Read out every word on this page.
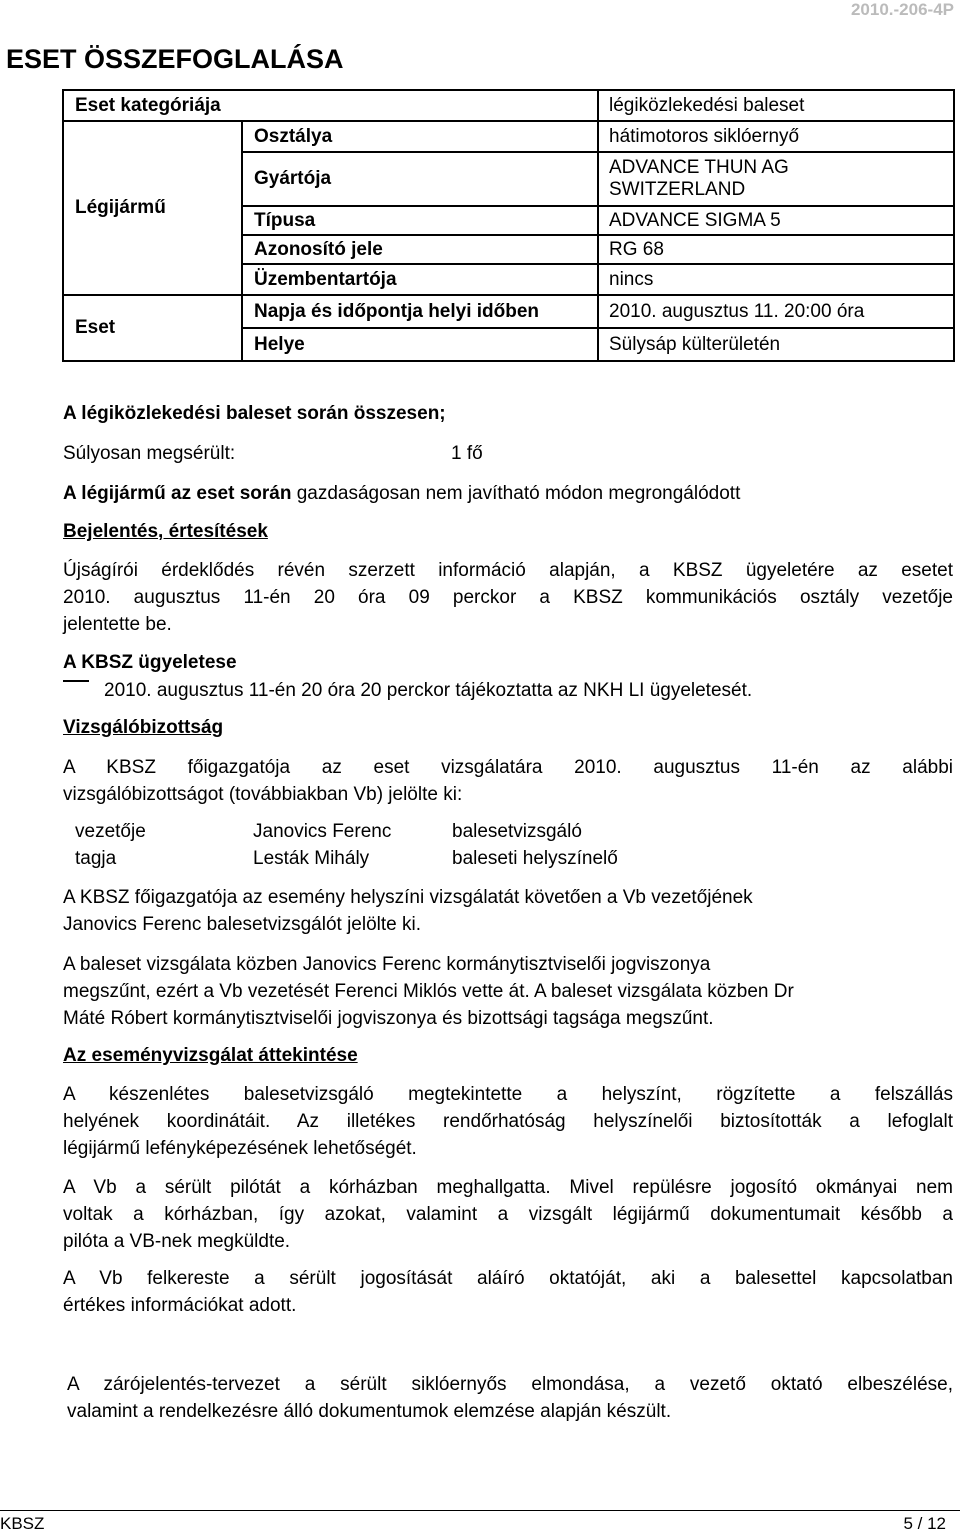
2010.-206-4P
ESET ÖSSZEFOGLALÁSA
Eset kategóriája		légiközlekedési baleset
Légijármű	Osztálya	hátimotoros siklóernyő
	Gyártója	ADVANCE THUN AG
SWITZERLAND

	Típusa	ADVANCE SIGMA 5
	Azonosító jele	RG 68
	Üzembentartója	nincs
Eset	Napja és időpontja helyi időben	2010. augusztus 11. 20:00 óra
	Helye	Sülysáp külterületén
A légiközlekedési baleset során összesen;
Súlyosan megsérült:	1 fő
A légijármű az eset során gazdaságosan nem javítható módon megrongálódott
Bejelentés, értesítések
Újságírói érdeklődés révén szerzett információ alapján, a KBSZ ügyeletére az esetet
2010. augusztus 11-én 20 óra 09 perckor a KBSZ kommunikációs osztály vezetője
jelentette be.
A KBSZ ügyeletese
2010. augusztus 11-én 20 óra 20 perckor tájékoztatta az NKH LI ügyeletesét.
Vizsgálóbizottság
A KBSZ főigazgatója az eset vizsgálatára 2010. augusztus 11-én az alábbi
vizsgálóbizottságot (továbbiakban Vb) jelölte ki:
vezetője	Janovics Ferenc	balesetvizsgáló
tagja	Lesták Mihály	baleseti helyszínelő
A KBSZ főigazgatója az esemény helyszíni vizsgálatát követően a Vb vezetőjének
Janovics Ferenc balesetvizsgálót jelölte ki.
A baleset vizsgálata közben Janovics Ferenc kormánytisztviselői jogviszonya
megszűnt, ezért a Vb vezetését Ferenci Miklós vette át. A baleset vizsgálata közben Dr
Máté Róbert kormánytisztviselői jogviszonya és bizottsági tagsága megszűnt.
Az eseményvizsgálat áttekintése
A készenlétes balesetvizsgáló megtekintette a helyszínt, rögzítette a felszállás
helyének koordinátáit. Az illetékes rendőrhatóság helyszínelői biztosították a lefoglalt
légijármű lefényképezésének lehetőségét.
A Vb a sérült pilótát a kórházban meghallgatta. Mivel repülésre jogosító okmányai nem
voltak a kórházban, így azokat, valamint a vizsgált légijármű dokumentumait később a
pilóta a VB-nek megküldte.
A Vb felkereste a sérült jogosítását aláíró oktatóját, aki a balesettel kapcsolatban
értékes információkat adott.
A zárójelentés-tervezet a sérült siklóernyős elmondása, a vezető oktató elbeszélése,
valamint a rendelkezésre álló dokumentumok elemzése alapján készült.
KBSZ	5 / 12
